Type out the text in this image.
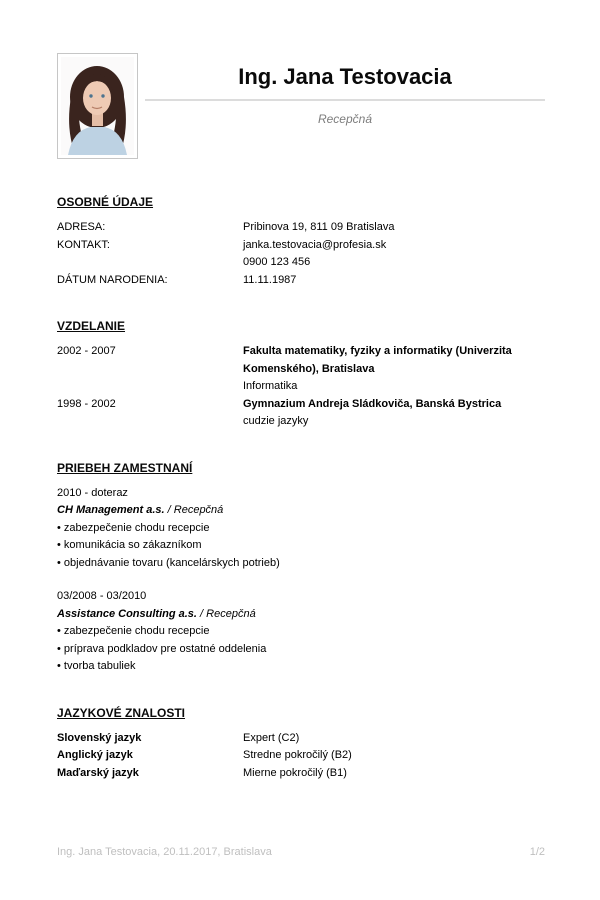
Ing. Jana Testovacia
Recepčná
OSOBNÉ ÚDAJE
ADRESA:	Pribinova 19, 811 09 Bratislava
KONTAKT:	janka.testovacia@profesia.sk
0900 123 456
DÁTUM NARODENIA:	11.11.1987
VZDELANIE
2002 - 2007	Fakulta matematiky, fyziky a informatiky (Univerzita Komenského), Bratislava
Informatika
1998 - 2002	Gymnazium Andreja Sládkoviča, Banská Bystrica
cudzie jazyky
PRIEBEH ZAMESTNANÍ
2010 - doteraz
CH Management a.s. / Recepčná
• zabezpečenie chodu recepcie
• komunikácia so zákazníkom
• objednávanie tovaru (kancelárskych potrieb)
03/2008 - 03/2010
Assistance Consulting a.s. / Recepčná
• zabezpečenie chodu recepcie
• príprava podkladov pre ostatné oddelenia
• tvorba tabuliek
JAZYKOVÉ ZNALOSTI
Slovenský jazyk	Expert (C2)
Anglický jazyk	Stredne pokročilý (B2)
Maďarský jazyk	Mierne pokročilý (B1)
Ing. Jana Testovacia, 20.11.2017, Bratislava	1/2
